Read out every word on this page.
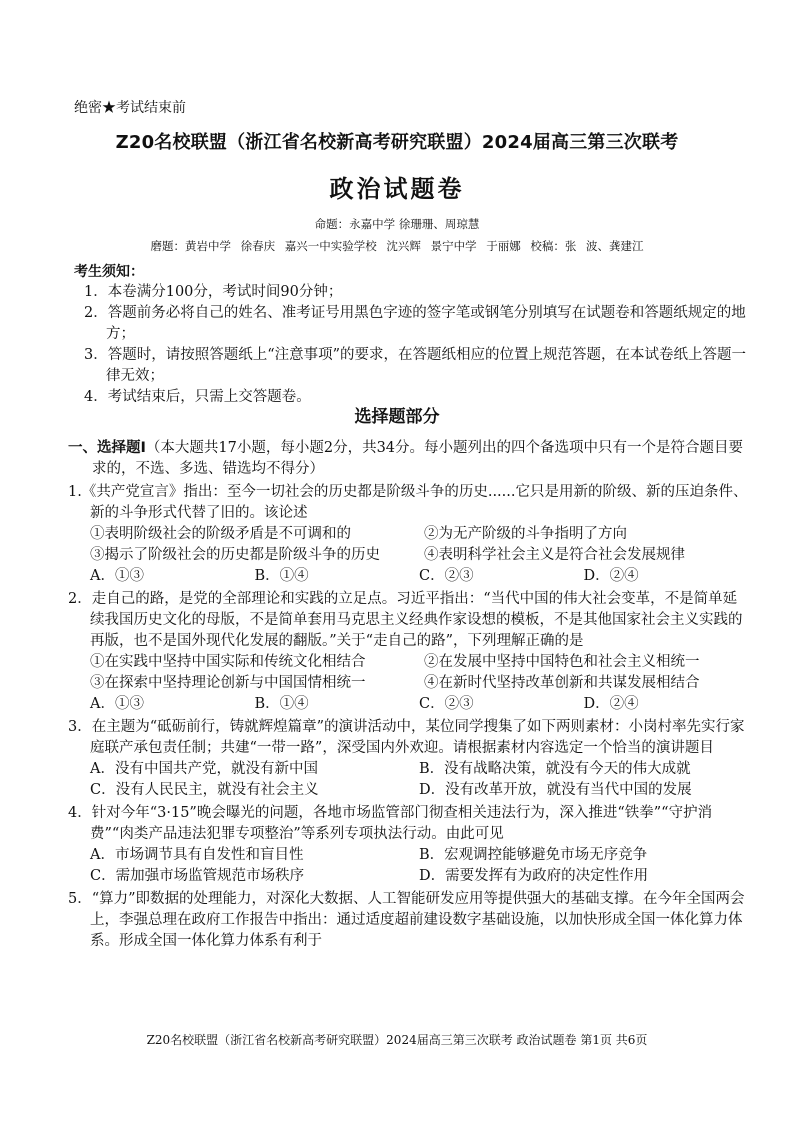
绝密★考试结束前
Z20名校联盟（浙江省名校新高考研究联盟）2024届高三第三次联考
政治试题卷
命题：永嘉中学 徐珊珊、周琼慧
磨题：黄岩中学 徐春庆 嘉兴一中实验学校 沈兴辉 景宁中学 于丽娜 校稿：张 波、龚建江
考生须知：
1．本卷满分100分，考试时间90分钟；
2．答题前务必将自己的姓名、准考证号用黑色字迹的签字笔或钢笔分别填写在试题卷和答题纸规定的地方；
3．答题时，请按照答题纸上“注意事项”的要求，在答题纸相应的位置上规范答题，在本试卷纸上答题一律无效；
4．考试结束后，只需上交答题卷。
选择题部分
一、选择题Ⅰ（本大题共17小题，每小题2分，共34分。每小题列出的四个备选项中只有一个是符合题目要求的，不选、多选、错选均不得分）
1.《共产党宣言》指出：至今一切社会的历史都是阶级斗争的历史......它只是用新的阶级、新的压迫条件、新的斗争形式代替了旧的。该论述
①表明阶级社会的阶级矛盾是不可调和的	②为无产阶级的斗争指明了方向
③揭示了阶级社会的历史都是阶级斗争的历史	④表明科学社会主义是符合社会发展规律
A．①③	B．①④	C．②③	D．②④
2．走自己的路，是党的全部理论和实践的立足点。习近平指出：“当代中国的伟大社会变革，不是简单延续我国历史文化的母版，不是简单套用马克思主义经典作家设想的模板，不是其他国家社会主义实践的再版，也不是国外现代化发展的翻版。”关于“走自己的路”，下列理解正确的是
①在实践中坚持中国实际和传统文化相结合	②在发展中坚持中国特色和社会主义相统一
③在探索中坚持理论创新与中国国情相统一	④在新时代坚持改革创新和共谋发展相结合
A．①③	B．①④	C．②③	D．②④
3．在主题为“砥砺前行，铸就辉煌篇章”的演讲活动中，某位同学搜集了如下两则素材：小岗村率先实行家庭联产承包责任制；共建“一带一路”，深受国内外欢迎。请根据素材内容选定一个恰当的演讲题目
A．没有中国共产党，就没有新中国	B．没有战略决策，就没有今天的伟大成就
C．没有人民民主，就没有社会主义	D．没有改革开放，就没有当代中国的发展
4．针对今年“3·15”晚会曝光的问题，各地市场监管部门彻查相关违法行为，深入推进“铁拳”“守护消费”“肉类产品违法犯罪专项整治”等系列专项执法行动。由此可见
A．市场调节具有自发性和盲目性	B．宏观调控能够避免市场无序竞争
C．需加强市场监管规范市场秩序	D．需要发挥有为政府的决定性作用
5．“算力”即数据的处理能力，对深化大数据、人工智能研发应用等提供强大的基础支撑。在今年全国两会上，李强总理在政府工作报告中指出：通过适度超前建设数字基础设施，以加快形成全国一体化算力体系。形成全国一体化算力体系有利于
Z20名校联盟（浙江省名校新高考研究联盟）2024届高三第三次联考 政治试题卷 第1页 共6页
